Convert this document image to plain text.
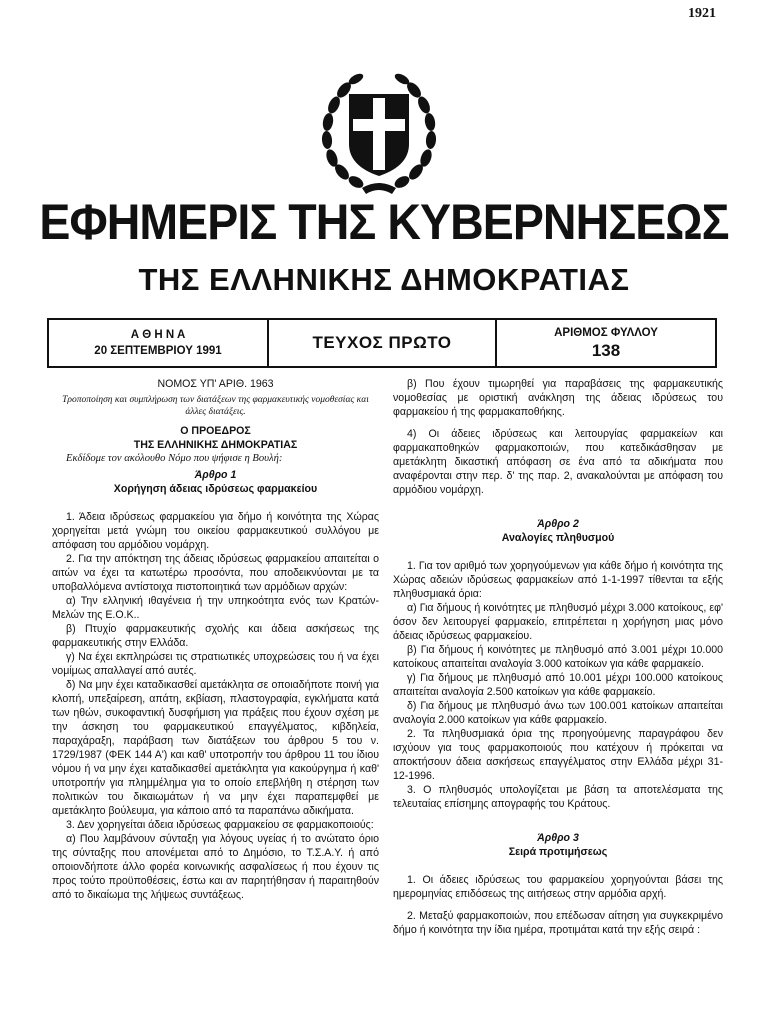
1921
ΕΦΗΜΕΡΙΣ ΤΗΣ ΚΥΒΕΡΝΗΣΕΩΣ
ΤΗΣ ΕΛΛΗΝΙΚΗΣ ΔΗΜΟΚΡΑΤΙΑΣ
Α Θ Η Ν Α
20 ΣΕΠΤΕΜΒΡΙΟΥ 1991	ΤΕΥΧΟΣ ΠΡΩΤΟ	ΑΡΙΘΜΟΣ ΦΥΛΛΟΥ
138

ΝΟΜΟΣ ΥΠ' ΑΡΙΘ. 1963

Τροποποίηση και συμπλήρωση των διατάξεων της φαρμακευτικής νομοθεσίας και άλλες διατάξεις.

Ο ΠΡΟΕΔΡΟΣ

ΤΗΣ ΕΛΛΗΝΙΚΗΣ ΔΗΜΟΚΡΑΤΙΑΣ

Εκδίδομε τον ακόλουθο Νόμο που ψήφισε η Βουλή:

Άρθρο 1

Χορήγηση άδειας ιδρύσεως φαρμακείου

1. Άδεια ιδρύσεως φαρμακείου για δήμο ή κοινότητα της Χώρας χορηγείται μετά γνώμη του οικείου φαρμακευτικού συλλόγου με απόφαση του αρμόδιου νομάρχη.

2. Για την απόκτηση της άδειας ιδρύσεως φαρμακείου απαιτείται ο αιτών να έχει τα κατωτέρω προσόντα, που αποδεικνύονται με τα υποβαλλόμενα αντίστοιχα πιστοποιητικά των αρμόδιων αρχών:

α) Την ελληνική ιθαγένεια ή την υπηκοότητα ενός των Κρατών-Μελών της Ε.Ο.Κ..

β) Πτυχίο φαρμακευτικής σχολής και άδεια ασκήσεως της φαρμακευτικής στην Ελλάδα.

γ) Να έχει εκπληρώσει τις στρατιωτικές υποχρεώσεις του ή να έχει νομίμως απαλλαγεί από αυτές.

δ) Να μην έχει καταδικασθεί αμετάκλητα σε οποιαδήποτε ποινή για κλοπή, υπεξαίρεση, απάτη, εκβίαση, πλαστογραφία, εγκλήματα κατά των ηθών, συκοφαντική δυσφήμιση για πράξεις που έχουν σχέση με την άσκηση του φαρμακευτικού επαγγέλματος, κιβδηλεία, παραχάραξη, παράβαση των διατάξεων του άρθρου 5 του ν. 1729/1987 (ΦΕΚ 144 Α') και καθ' υποτροπήν του άρθρου 11 του ίδιου νόμου ή να μην έχει καταδικασθεί αμετάκλητα για κακούργημα ή καθ' υποτροπήν για πλημμέλημα για το οποίο επεβλήθη η στέρηση των πολιτικών του δικαιωμάτων ή να μην έχει παραπεμφθεί με αμετάκλητο βούλευμα, για κάποιο από τα παραπάνω αδικήματα.

3. Δεν χορηγείται άδεια ιδρύσεως φαρμακείου σε φαρμακοποιούς:

α) Που λαμβάνουν σύνταξη για λόγους υγείας ή το ανώτατο όριο της σύνταξης που απονέμεται από το Δημόσιο, το Τ.Σ.Α.Υ. ή από οποιονδήποτε άλλο φορέα κοινωνικής ασφαλίσεως ή που έχουν τις προς τούτο προϋποθέσεις, έστω και αν παρητήθησαν ή παραιτηθούν από το δικαίωμα της λήψεως συντάξεως.

β) Που έχουν τιμωρηθεί για παραβάσεις της φαρμακευτικής νομοθεσίας με οριστική ανάκληση της άδειας ιδρύσεως του φαρμακείου ή της φαρμακαποθήκης.

4) Οι άδειες ιδρύσεως και λειτουργίας φαρμακείων και φαρμακαποθηκών φαρμακοποιών, που κατεδικάσθησαν με αμετάκλητη δικαστική απόφαση σε ένα από τα αδικήματα που αναφέρονται στην περ. δ' της παρ. 2, ανακαλούνται με απόφαση του αρμόδιου νομάρχη.

Άρθρο 2

Αναλογίες πληθυσμού

1. Για τον αριθμό των χορηγούμενων για κάθε δήμο ή κοινότητα της Χώρας αδειών ιδρύσεως φαρμακείων από 1-1-1997 τίθενται τα εξής πληθυσμιακά όρια:

α) Για δήμους ή κοινότητες με πληθυσμό μέχρι 3.000 κατοίκους, εφ' όσον δεν λειτουργεί φαρμακείο, επιτρέπεται η χορήγηση μιας μόνο άδειας ιδρύσεως φαρμακείου.

β) Για δήμους ή κοινότητες με πληθυσμό από 3.001 μέχρι 10.000 κατοίκους απαιτείται αναλογία 3.000 κατοίκων για κάθε φαρμακείο.

γ) Για δήμους με πληθυσμό από 10.001 μέχρι 100.000 κατοίκους απαιτείται αναλογία 2.500 κατοίκων για κάθε φαρμακείο.

δ) Για δήμους με πληθυσμό άνω των 100.001 κατοίκων απαιτείται αναλογία 2.000 κατοίκων για κάθε φαρμακείο.

2. Τα πληθυσμιακά όρια της προηγούμενης παραγράφου δεν ισχύουν για τους φαρμακοποιούς που κατέχουν ή πρόκειται να αποκτήσουν άδεια ασκήσεως επαγγέλματος στην Ελλάδα μέχρι 31-12-1996.

3. Ο πληθυσμός υπολογίζεται με βάση τα αποτελέσματα της τελευταίας επίσημης απογραφής του Κράτους.

Άρθρο 3

Σειρά προτιμήσεως

1. Οι άδειες ιδρύσεως του φαρμακείου χορηγούνται βάσει της ημερομηνίας επιδόσεως της αιτήσεως στην αρμόδια αρχή.

2. Μεταξύ φαρμακοποιών, που επέδωσαν αίτηση για συγκεκριμένο δήμο ή κοινότητα την ίδια ημέρα, προτιμάται κατά την εξής σειρά :
